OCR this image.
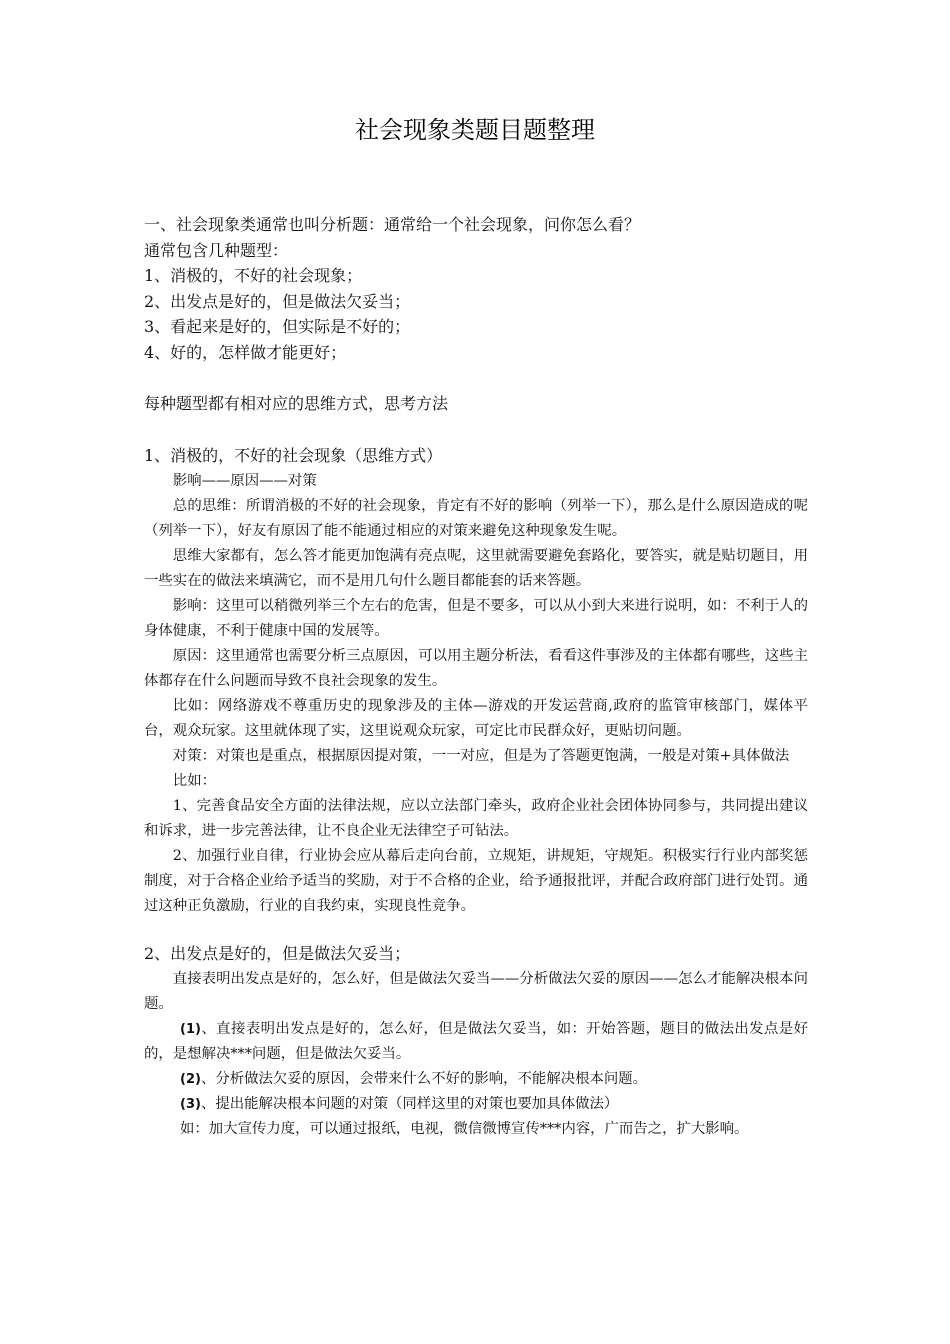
社会现象类题目题整理
一、社会现象类通常也叫分析题：通常给一个社会现象，问你怎么看？
通常包含几种题型：
1、消极的，不好的社会现象；
2、出发点是好的，但是做法欠妥当；
3、看起来是好的，但实际是不好的；
4、好的，怎样做才能更好；
每种题型都有相对应的思维方式，思考方法
1、消极的，不好的社会现象（思维方式）
影响——原因——对策
总的思维：所谓消极的不好的社会现象，肯定有不好的影响（列举一下），那么是什么原因造成的呢（列举一下），好友有原因了能不能通过相应的对策来避免这种现象发生呢。
思维大家都有，怎么答才能更加饱满有亮点呢，这里就需要避免套路化，要答实，就是贴切题目，用一些实在的做法来填满它，而不是用几句什么题目都能套的话来答题。
影响：这里可以稍微列举三个左右的危害，但是不要多，可以从小到大来进行说明，如：不利于人的身体健康，不利于健康中国的发展等。
原因：这里通常也需要分析三点原因，可以用主题分析法，看看这件事涉及的主体都有哪些，这些主体都存在什么问题而导致不良社会现象的发生。
比如：网络游戏不尊重历史的现象涉及的主体—游戏的开发运营商,政府的监管审核部门，媒体平台，观众玩家。这里就体现了实，这里说观众玩家，可定比市民群众好，更贴切问题。
对策：对策也是重点，根据原因提对策，一一对应，但是为了答题更饱满，一般是对策+具体做法
比如：
1、完善食品安全方面的法律法规，应以立法部门牵头，政府企业社会团体协同参与，共同提出建议和诉求，进一步完善法律，让不良企业无法律空子可钻法。
2、加强行业自律，行业协会应从幕后走向台前，立规矩，讲规矩，守规矩。积极实行行业内部奖惩制度，对于合格企业给予适当的奖励，对于不合格的企业，给予通报批评，并配合政府部门进行处罚。通过这种正负激励，行业的自我约束，实现良性竞争。
2、出发点是好的，但是做法欠妥当；
直接表明出发点是好的，怎么好，但是做法欠妥当——分析做法欠妥的原因——怎么才能解决根本问题。
(1)、直接表明出发点是好的，怎么好，但是做法欠妥当，如：开始答题，题目的做法出发点是好的，是想解决***问题，但是做法欠妥当。
(2)、分析做法欠妥的原因，会带来什么不好的影响，不能解决根本问题。
(3)、提出能解决根本问题的对策（同样这里的对策也要加具体做法）
如：加大宣传力度，可以通过报纸，电视，微信微博宣传***内容，广而告之，扩大影响。
